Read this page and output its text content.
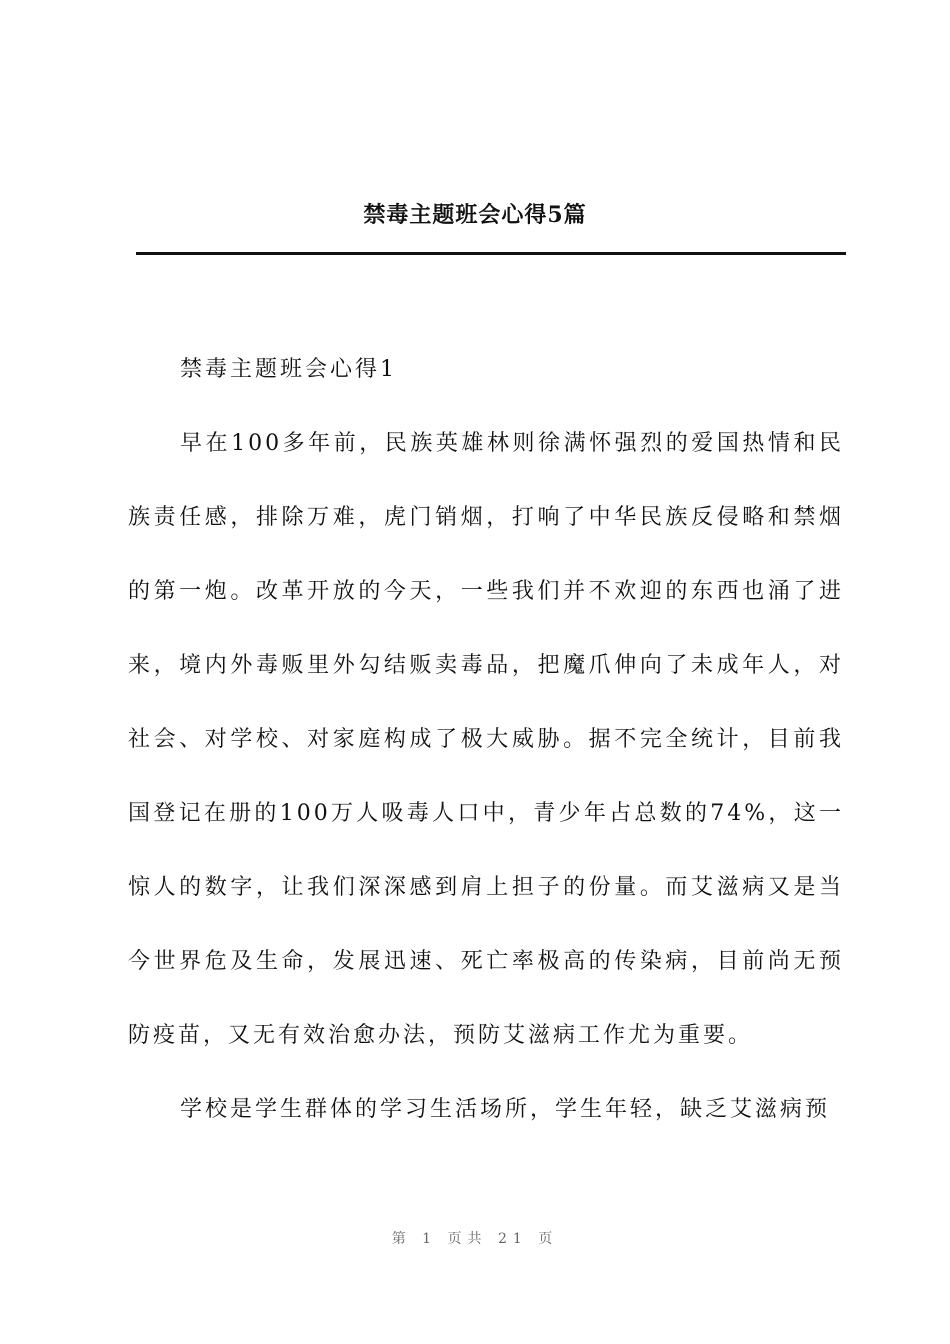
禁毒主题班会心得5篇
禁毒主题班会心得1
早在100多年前，民族英雄林则徐满怀强烈的爱国热情和民族责任感，排除万难，虎门销烟，打响了中华民族反侵略和禁烟的第一炮。改革开放的今天，一些我们并不欢迎的东西也涌了进来，境内外毒贩里外勾结贩卖毒品，把魔爪伸向了未成年人，对社会、对学校、对家庭构成了极大威胁。据不完全统计，目前我国登记在册的100万人吸毒人口中，青少年占总数的74%，这一惊人的数字，让我们深深感到肩上担子的份量。而艾滋病又是当今世界危及生命，发展迅速、死亡率极高的传染病，目前尚无预防疫苗，又无有效治愈办法，预防艾滋病工作尤为重要。
学校是学生群体的学习生活场所，学生年轻，缺乏艾滋病预
第 1 页共 21 页
